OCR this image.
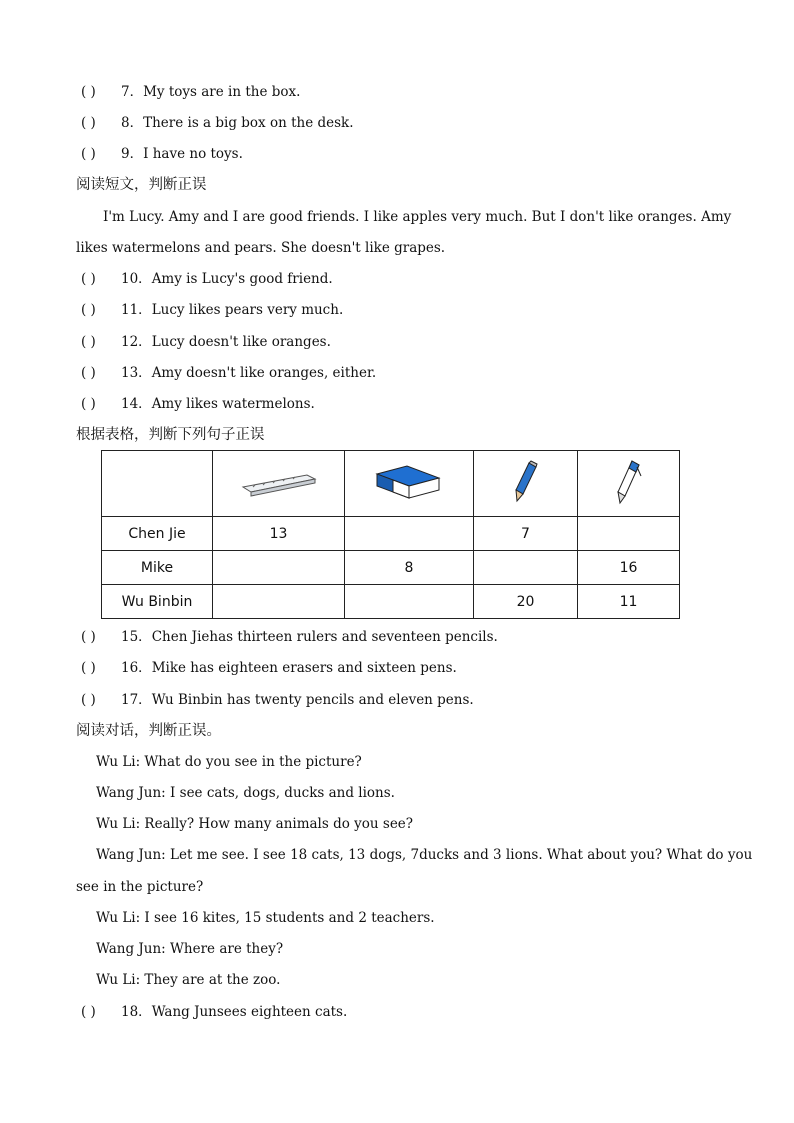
( ) 7．My toys are in the box.
( ) 8．There is a big box on the desk.
( ) 9．I have no toys.
阅读短文，判断正误
I'm Lucy. Amy and I are good friends. I like apples very much. But I don't like oranges. Amy
likes watermelons and pears. She doesn't like grapes.
( ) 10．Amy is Lucy's good friend.
( ) 11．Lucy likes pears very much.
( ) 12．Lucy doesn't like oranges.
( ) 13．Amy doesn't like oranges, either.
( ) 14．Amy likes watermelons.
根据表格，判断下列句子正误

Chen Jie	13		7	
Mike		8		16
Wu Binbin			20	11
( ) 15．Chen Jiehas thirteen rulers and seventeen pencils.
( ) 16．Mike has eighteen erasers and sixteen pens.
( ) 17．Wu Binbin has twenty pencils and eleven pens.
阅读对话，判断正误。
Wu Li: What do you see in the picture?
Wang Jun: I see cats, dogs, ducks and lions.
Wu Li: Really? How many animals do you see?
Wang Jun: Let me see. I see 18 cats, 13 dogs, 7ducks and 3 lions. What about you? What do you
see in the picture?
Wu Li: I see 16 kites, 15 students and 2 teachers.
Wang Jun: Where are they?
Wu Li: They are at the zoo.
( ) 18．Wang Junsees eighteen cats.
